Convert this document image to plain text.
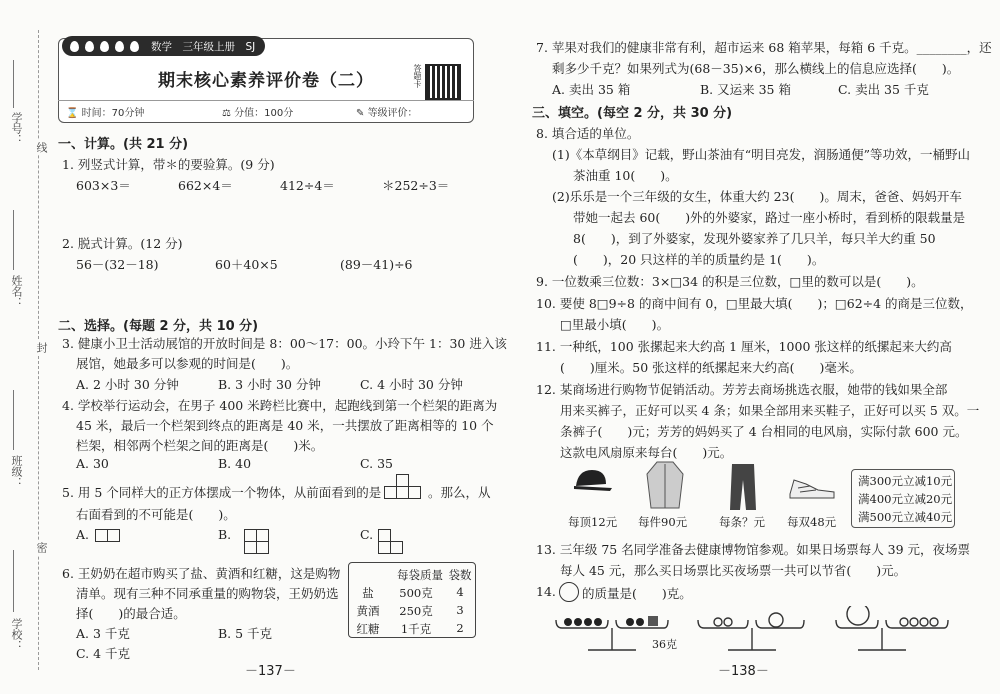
学号：
姓名：
班级：
学校：
线
封
密
数学　三年级上册　SJ
期末核心素养评价卷（二）	答题卡
⌛ 时间：70分钟	⚖ 分值：100分	✎ 等级评价：
一、计算。(共 21 分)
1. 列竖式计算，带＊的要验算。(9 分)
603×3＝	662×4＝	412÷4＝	＊252÷3＝
2. 脱式计算。(12 分)
56－(32－18)	60＋40×5	(89－41)÷6
二、选择。(每题 2 分，共 10 分)
3. 健康小卫士活动展馆的开放时间是 8：00～17：00。小玲下午 1：30 进入该
展馆，她最多可以参观的时间是(　　)。
A. 2 小时 30 分钟	B. 3 小时 30 分钟	C. 4 小时 30 分钟
4. 学校举行运动会，在男子 400 米跨栏比赛中，起跑线到第一个栏架的距离为
45 米，最后一个栏架到终点的距离是 40 米，一共摆放了距离相等的 10 个
栏架，相邻两个栏架之间的距离是(　　)米。
A. 30	B. 40	C. 35
5. 用 5 个同样大的正方体摆成一个物体，从前面看到的是	。那么，从
右面看到的不可能是(　　)。
A.	B.	C.
6. 王奶奶在超市购买了盐、黄酒和红糖，这是购物
清单。现有三种不同承重量的购物袋，王奶奶选
择(　　)的最合适。
A. 3 千克	B. 5 千克
C. 4 千克
每袋质量 袋数
盐	500克	4
黄酒	250克	3
红糖	1千克	2
－137－
7. 苹果对我们的健康非常有利，超市运来 68 箱苹果，每箱 6 千克。________，还
剩多少千克？如果列式为(68－35)×6，那么横线上的信息应选择(　　)。
A. 卖出 35 箱	B. 又运来 35 箱	C. 卖出 35 千克
三、填空。(每空 2 分，共 30 分)
8. 填合适的单位。
(1)《本草纲目》记载，野山茶油有“明目亮发，润肠通便”等功效，一桶野山
茶油重 10(　　)。
(2)乐乐是一个三年级的女生，体重大约 23(　　)。周末，爸爸、妈妈开车
带她一起去 60(　　)外的外婆家，路过一座小桥时，看到桥的限载量是
8(　　)，到了外婆家，发现外婆家养了几只羊，每只羊大约重 50
(　　)，20 只这样的羊的质量约是 1(　　)。
9. 一位数乘三位数：3×□34 的积是三位数，□里的数可以是(　　)。
10. 要使 8□9÷8 的商中间有 0，□里最大填(　　)；□62÷4 的商是三位数，
□里最小填(　　)。
11. 一种纸，100 张摞起来大约高 1 厘米，1000 张这样的纸摞起来大约高
(　　)厘米。50 张这样的纸摞起来大约高(　　)毫米。
12. 某商场进行购物节促销活动。芳芳去商场挑选衣服，她带的钱如果全部
用来买裤子，正好可以买 4 条；如果全部用来买鞋子，正好可以买 5 双。一
条裤子(　　)元；芳芳的妈妈买了 4 台相同的电风扇，实际付款 600 元。
这款电风扇原来每台(　　)元。
每顶12元 每件90元	每条？元 每双48元
满300元立减10元
满400元立减20元
满500元立减40元
13. 三年级 75 名同学准备去健康博物馆参观。如果日场票每人 39 元，夜场票
每人 45 元，那么买日场票比买夜场票一共可以节省(　　)元。
14. 的质量是(　　)克。
36克
－138－
